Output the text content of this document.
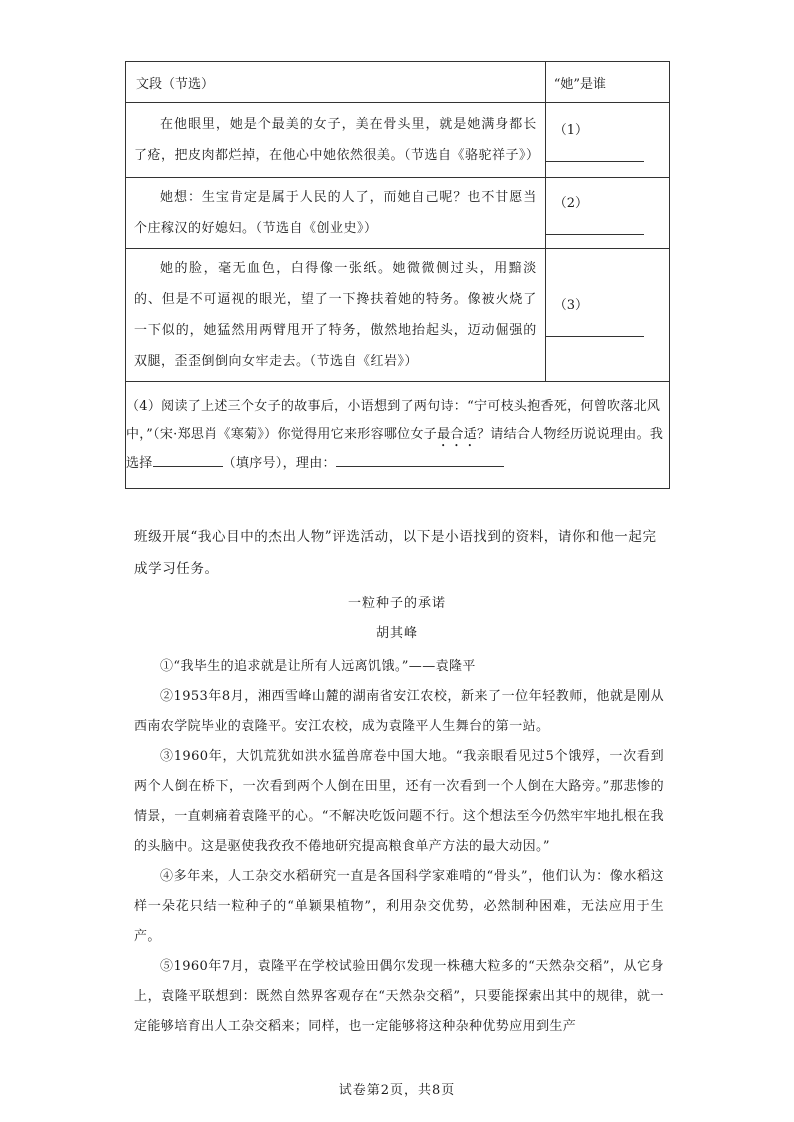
文段（节选）	“她”是谁

在他眼里，她是个最美的女子，美在骨头里，就是她满身都长了疮，把皮肉都烂掉，在他心中她依然很美。（节选自《骆驼祥子》）	（1）

她想：生宝肯定是属于人民的人了，而她自己呢？也不甘愿当个庄稼汉的好媳妇。（节选自《创业史》）	（2）

她的脸，毫无血色，白得像一张纸。她微微侧过头，用黯淡的、但是不可逼视的眼光，望了一下搀扶着她的特务。像被火烧了一下似的，她猛然用两臂甩开了特务，傲然地抬起头，迈动倔强的双腿，歪歪倒倒向女牢走去。（节选自《红岩》）	（3）

（4）阅读了上述三个女子的故事后，小语想到了两句诗：“宁可枝头抱香死，何曾吹落北风中，”（宋·郑思肖《寒菊》）你觉得用它来形容哪位女子最合适？请结合人物经历说说理由。我选择 （填序号），理由：	
班级开展“我心目中的杰出人物”评选活动，以下是小语找到的资料，请你和他一起完成学习任务。
一粒种子的承诺
胡其峰

①“我毕生的追求就是让所有人远离饥饿。”——袁隆平

②1953年8月，湘西雪峰山麓的湖南省安江农校，新来了一位年轻教师，他就是刚从西南农学院毕业的袁隆平。安江农校，成为袁隆平人生舞台的第一站。

③1960年，大饥荒犹如洪水猛兽席卷中国大地。“我亲眼看见过5个饿殍，一次看到两个人倒在桥下，一次看到两个人倒在田里，还有一次看到一个人倒在大路旁。”那悲惨的情景，一直刺痛着袁隆平的心。“不解决吃饭问题不行。这个想法至今仍然牢牢地扎根在我的头脑中。这是驱使我孜孜不倦地研究提高粮食单产方法的最大动因。”

④多年来，人工杂交水稻研究一直是各国科学家难啃的“骨头”，他们认为：像水稻这样一朵花只结一粒种子的“单颖果植物”，利用杂交优势，必然制种困难，无法应用于生产。

⑤1960年7月，袁隆平在学校试验田偶尔发现一株穗大粒多的“天然杂交稻”，从它身上，袁隆平联想到：既然自然界客观存在“天然杂交稻”，只要能探索出其中的规律，就一定能够培育出人工杂交稻来；同样，也一定能够将这种杂种优势应用到生产

试卷第2页，共8页
